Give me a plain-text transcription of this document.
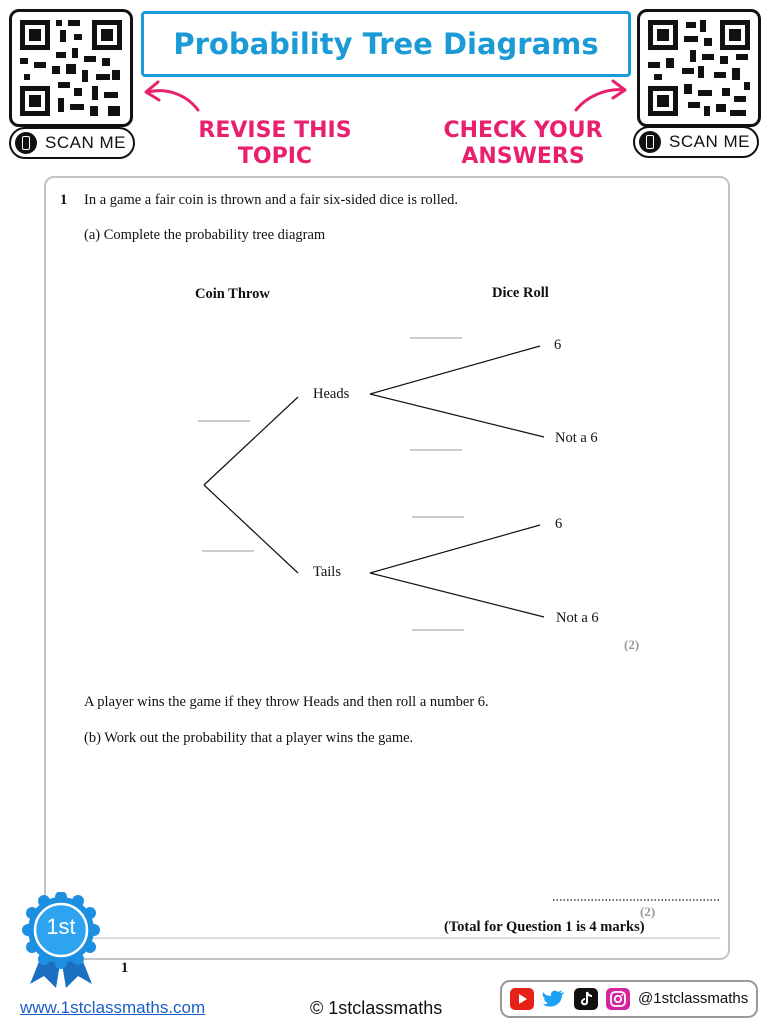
SCAN ME	SCAN ME
Probability Tree Diagrams
REVISE THIS
TOPIC
CHECK YOUR
ANSWERS
1 In a game a fair coin is thrown and a fair six-sided dice is rolled.
(a) Complete the probability tree diagram
Coin Throw	Dice Roll
Heads
Tails
6
Not a 6
6
Not a 6
(2)
A player wins the game if they throw Heads and then roll a number 6.
(b) Work out the probability that a player wins the game.
(2)
(Total for Question 1 is 4 marks)
1st
1
www.1stclassmaths.com	© 1stclassmaths	@1stclassmaths
